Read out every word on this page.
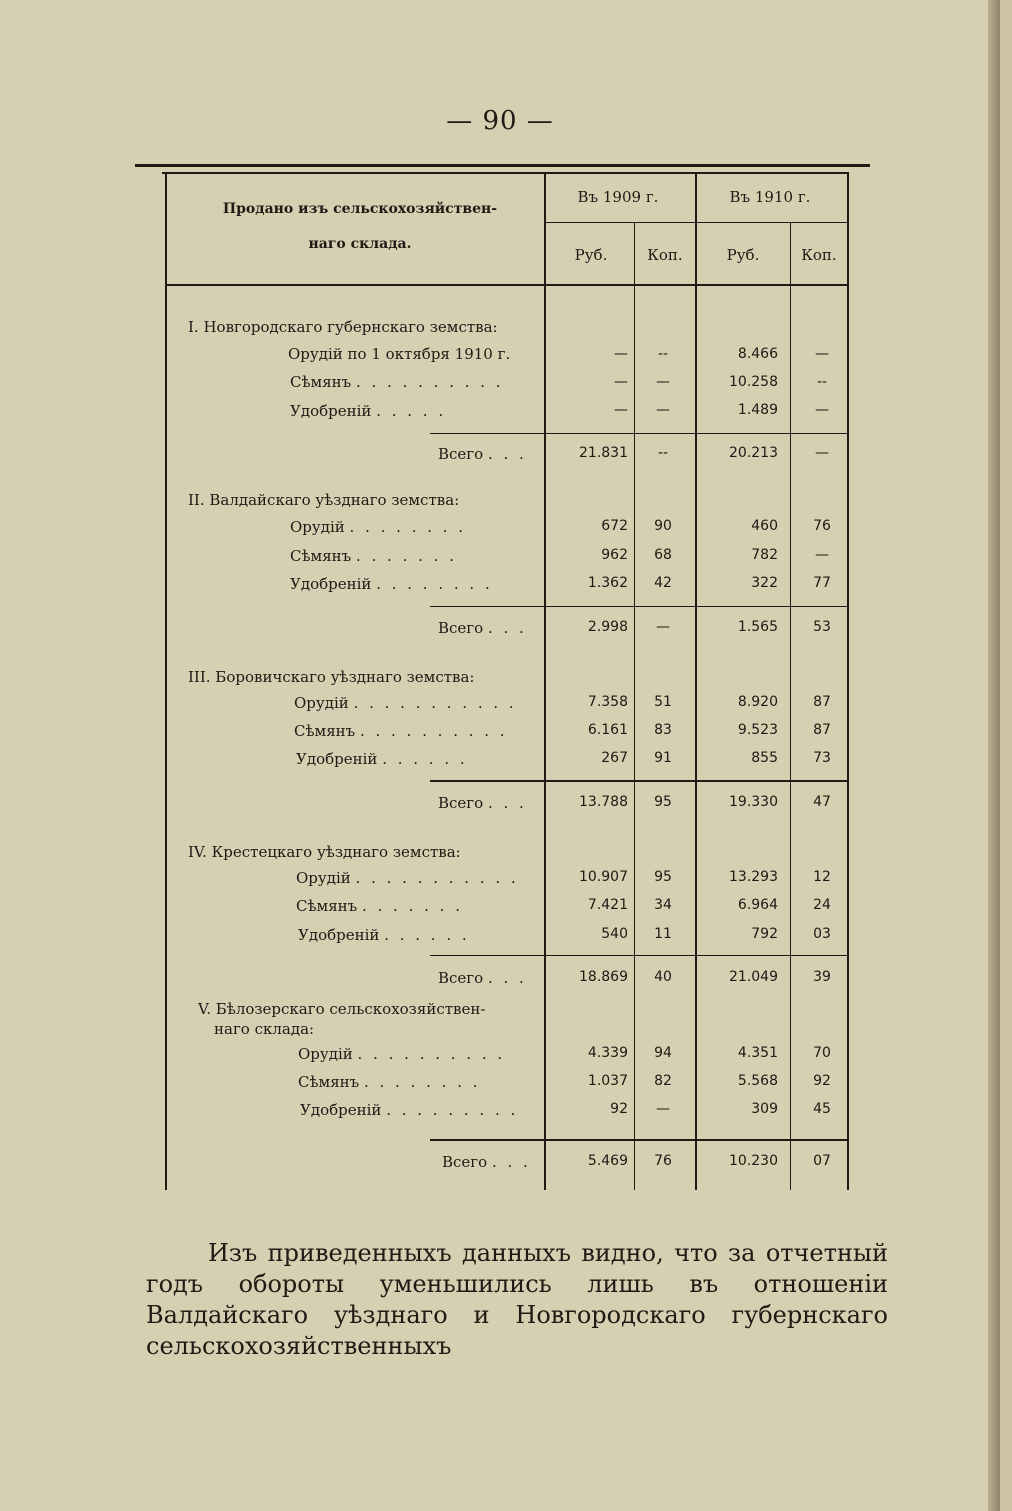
— 90 —
Продано изъ сельскохозяйствен-
наго склада.
Въ 1909 г.	Въ 1910 г.
Руб.	Коп.	Руб.	Коп.
I. Новгородскаго губернскаго земства:
Орудій по 1 октября 1910 г.	—	--	8.466	—
Сѣмянъ . . . . . . . . . .	—	—	10.258	--
Удобреній . . . . .	—	—	1.489	—
Всего . . .	21.831	--	20.213	—
II. Валдайскаго уѣзднаго земства:
Орудій . . . . . . . .	672	90	460	76
Сѣмянъ . . . . . . .	962	68	782	—
Удобреній . . . . . . . .	1.362	42	322	77
Всего . . .	2.998	—	1.565	53
III. Боровичскаго уѣзднаго земства:
Орудій . . . . . . . . . . .	7.358	51	8.920	87
Сѣмянъ . . . . . . . . . .	6.161	83	9.523	87
Удобреній . . . . . .	267	91	855	73
Всего . . .	13.788	95	19.330	47
IV. Крестецкаго уѣзднаго земства:
Орудій . . . . . . . . . . .	10.907	95	13.293	12
Сѣмянъ . . . . . . .	7.421	34	6.964	24
Удобреній . . . . . .	540	11	792	03
Всего . . .	18.869	40	21.049	39
V. Бѣлозерскаго сельскохозяйствен-
наго склада:
Орудій . . . . . . . . . .	4.339	94	4.351	70
Сѣмянъ . . . . . . . .	1.037	82	5.568	92
Удобреній . . . . . . . . .	92	—	309	45
Всего . . .	5.469	76	10.230	07
Изъ приведенныхъ данныхъ видно, что за отчетный годъ обороты уменьшились лишь въ отношеніи Валдайскаго уѣзднаго и Новгородскаго губернскаго сельскохозяйственныхъ
